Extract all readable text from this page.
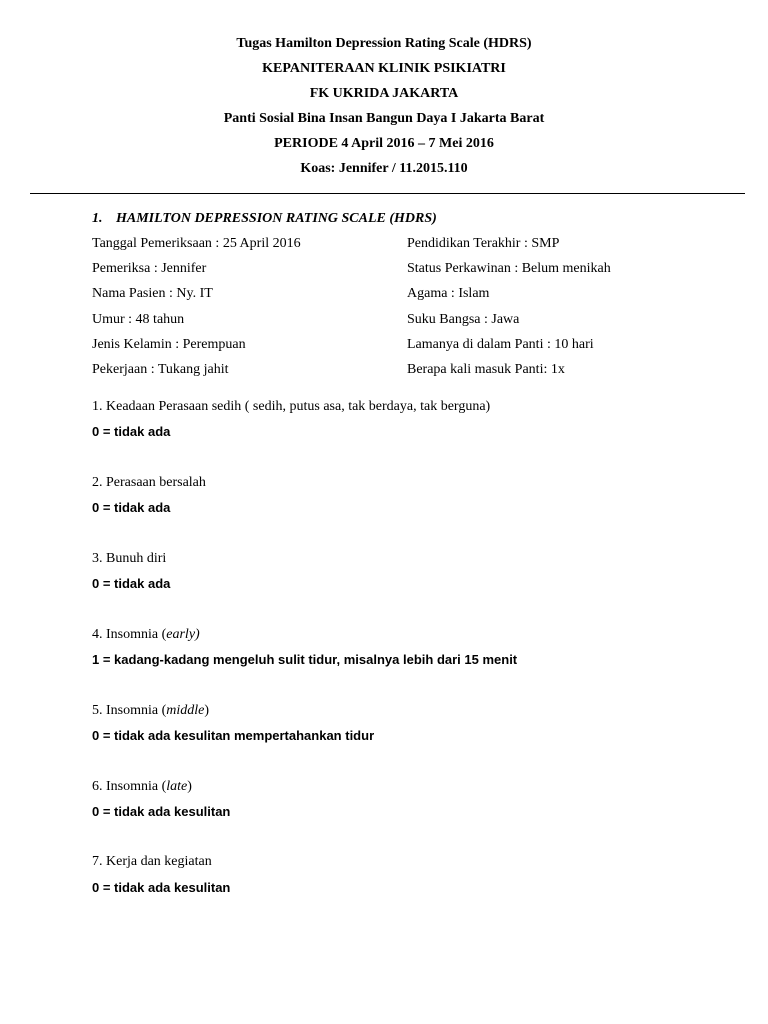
Tugas Hamilton Depression Rating Scale (HDRS)
KEPANITERAAN KLINIK PSIKIATRI
FK UKRIDA JAKARTA
Panti Sosial Bina Insan Bangun Daya I Jakarta Barat
PERIODE 4 April 2016 – 7 Mei 2016
Koas: Jennifer / 11.2015.110
1. HAMILTON DEPRESSION RATING SCALE (HDRS)
Tanggal Pemeriksaan : 25 April 2016	Pendidikan Terakhir : SMP
Pemeriksa : Jennifer	Status Perkawinan : Belum menikah
Nama Pasien : Ny. IT	Agama : Islam
Umur : 48 tahun	Suku Bangsa : Jawa
Jenis Kelamin : Perempuan	Lamanya di dalam Panti : 10 hari
Pekerjaan : Tukang jahit	Berapa kali masuk Panti: 1x
1. Keadaan Perasaan sedih ( sedih, putus asa, tak berdaya, tak berguna)
0 = tidak ada
2. Perasaan bersalah
0 = tidak ada
3. Bunuh diri
0 = tidak ada
4. Insomnia (early)
1 = kadang-kadang mengeluh sulit tidur, misalnya lebih dari 15 menit
5. Insomnia (middle)
0 = tidak ada kesulitan mempertahankan tidur
6. Insomnia (late)
0 = tidak ada kesulitan
7. Kerja dan kegiatan
0 = tidak ada kesulitan
